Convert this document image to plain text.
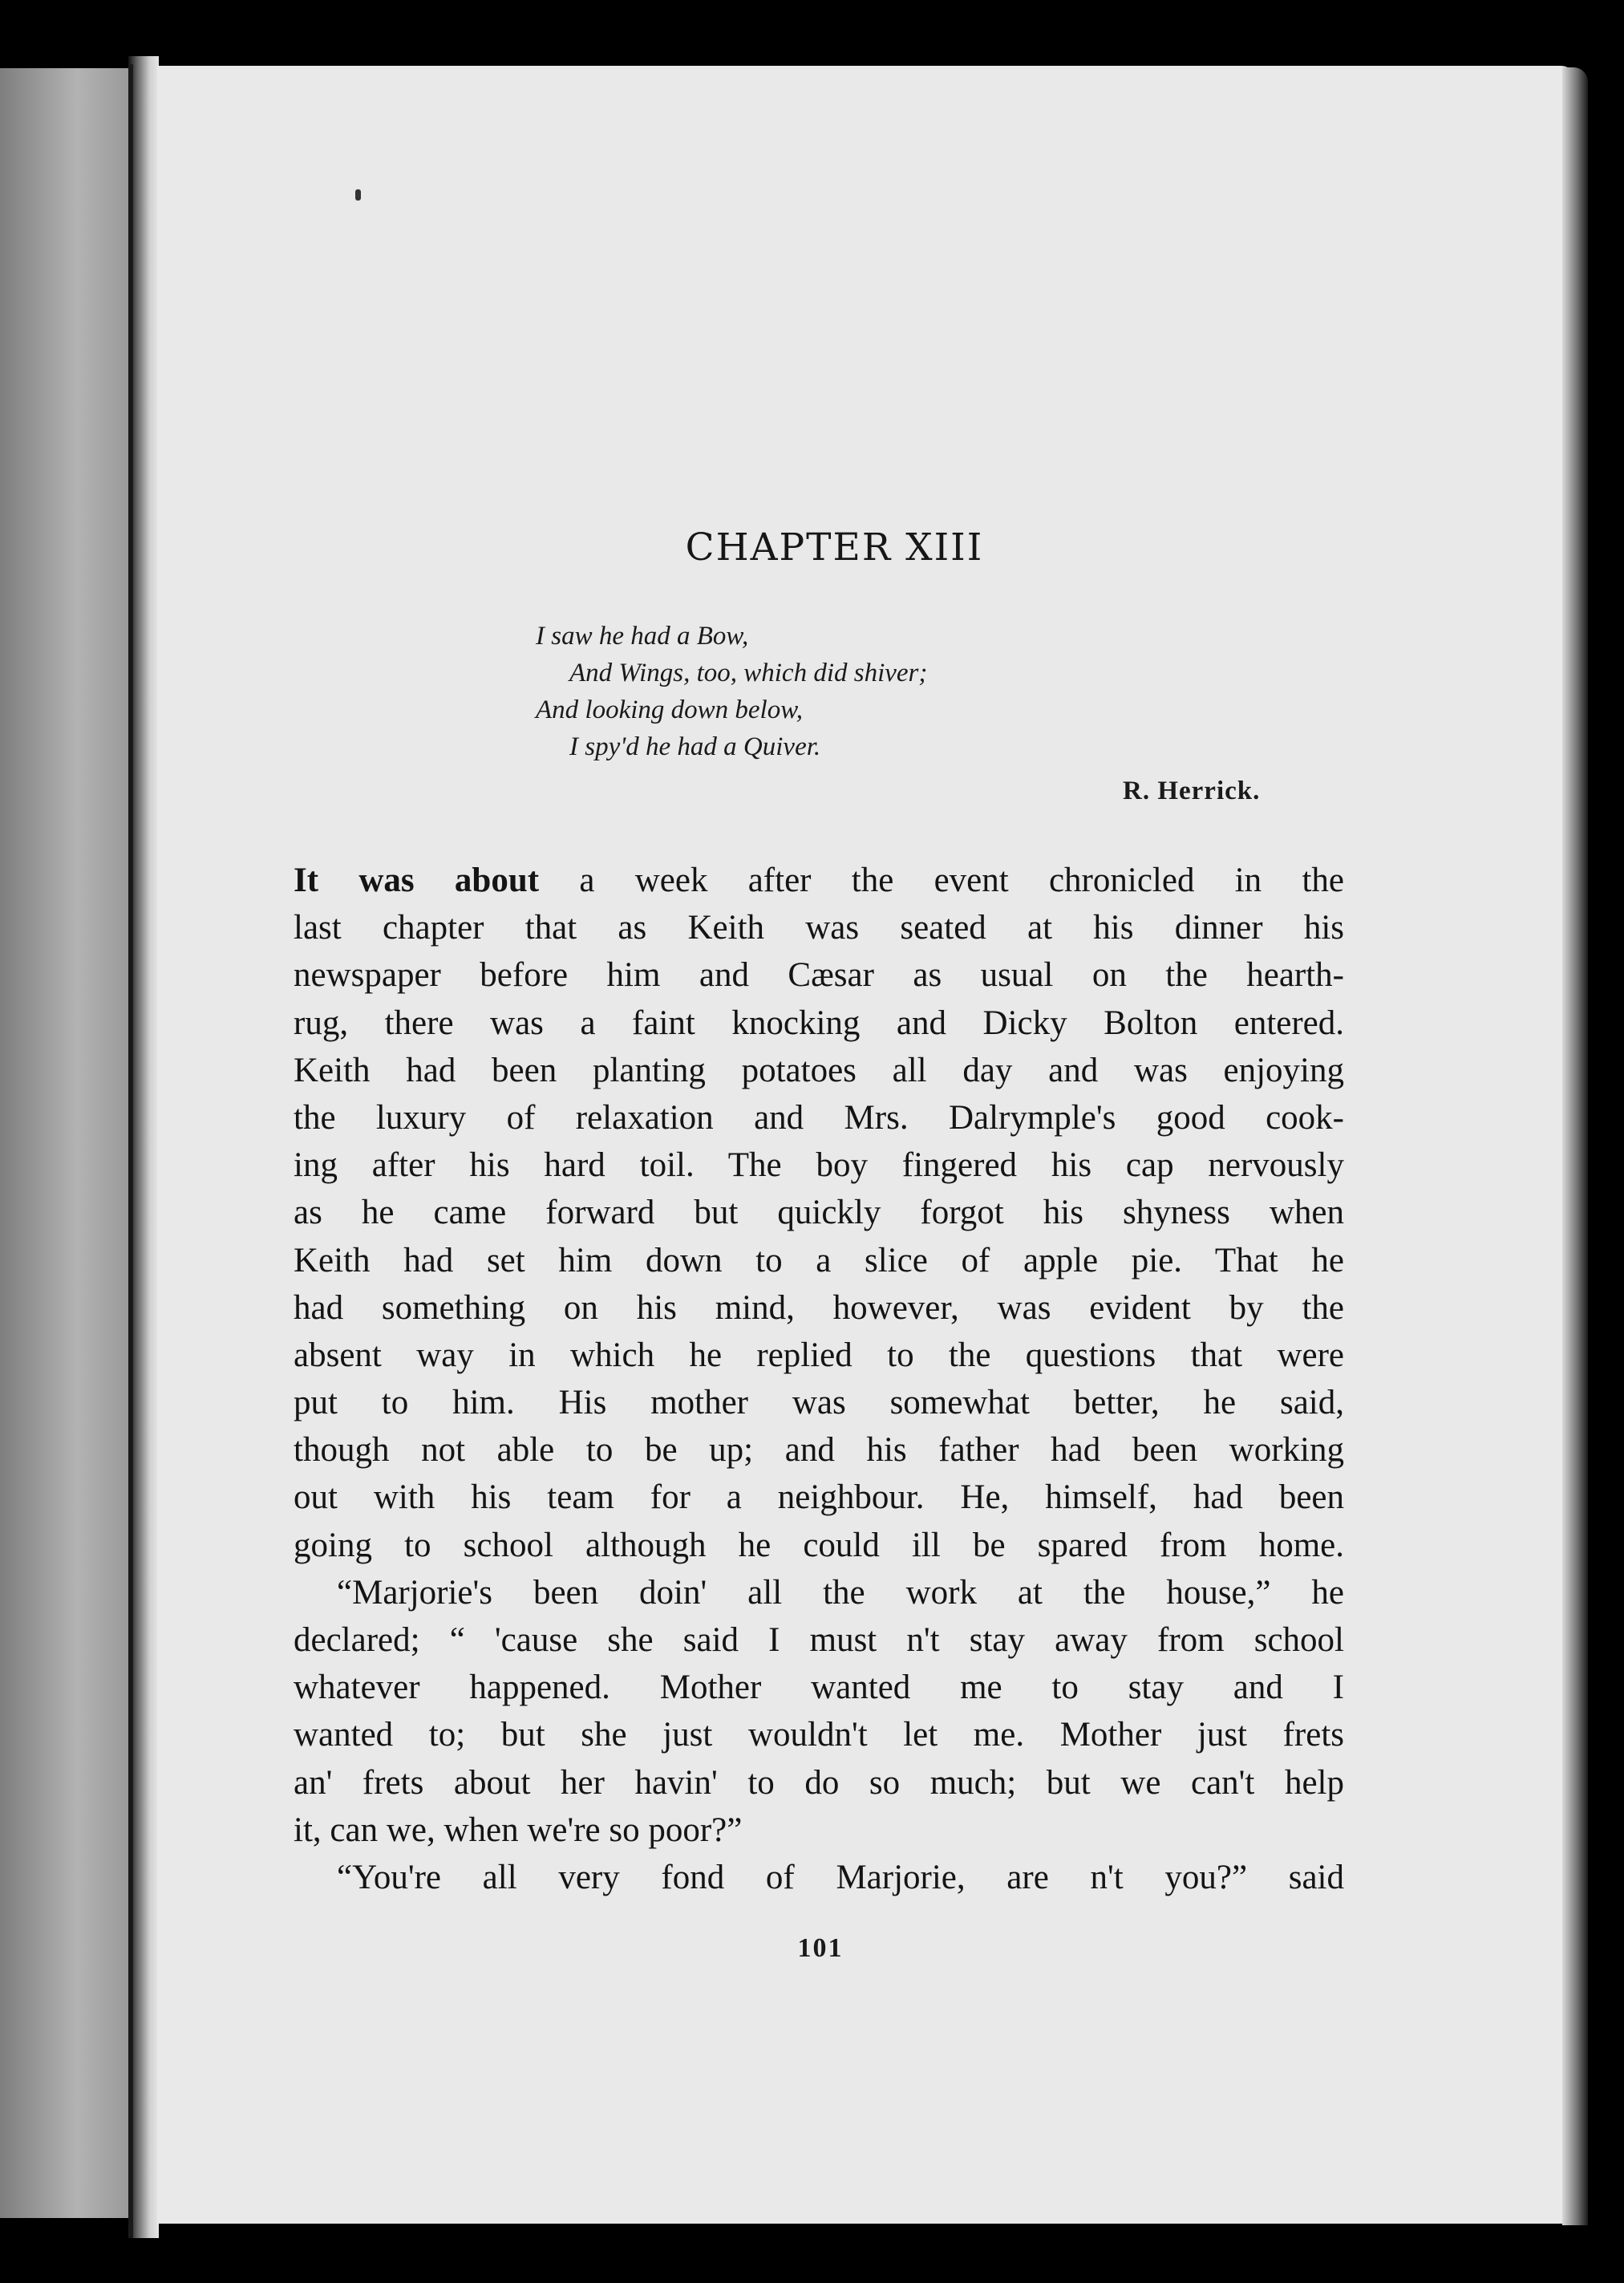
CHAPTER XIII
I saw he had a Bow,
And Wings, too, which did shiver;
And looking down below,
I spy'd he had a Quiver.
R. Herrick.
It was about a week after the event chronicled in the
last chapter that as Keith was seated at his dinner his
newspaper before him and Cæsar as usual on the hearth-
rug, there was a faint knocking and Dicky Bolton entered.
Keith had been planting potatoes all day and was enjoying
the luxury of relaxation and Mrs. Dalrymple's good cook-
ing after his hard toil. The boy fingered his cap nervously
as he came forward but quickly forgot his shyness when
Keith had set him down to a slice of apple pie. That he
had something on his mind, however, was evident by the
absent way in which he replied to the questions that were
put to him. His mother was somewhat better, he said,
though not able to be up; and his father had been working
out with his team for a neighbour. He, himself, had been
going to school although he could ill be spared from home.
“Marjorie's been doin' all the work at the house,” he
declared; “ 'cause she said I must n't stay away from school
whatever happened. Mother wanted me to stay and I
wanted to; but she just wouldn't let me. Mother just frets
an' frets about her havin' to do so much; but we can't help
it, can we, when we're so poor?”
“You're all very fond of Marjorie, are n't you?” said
101
